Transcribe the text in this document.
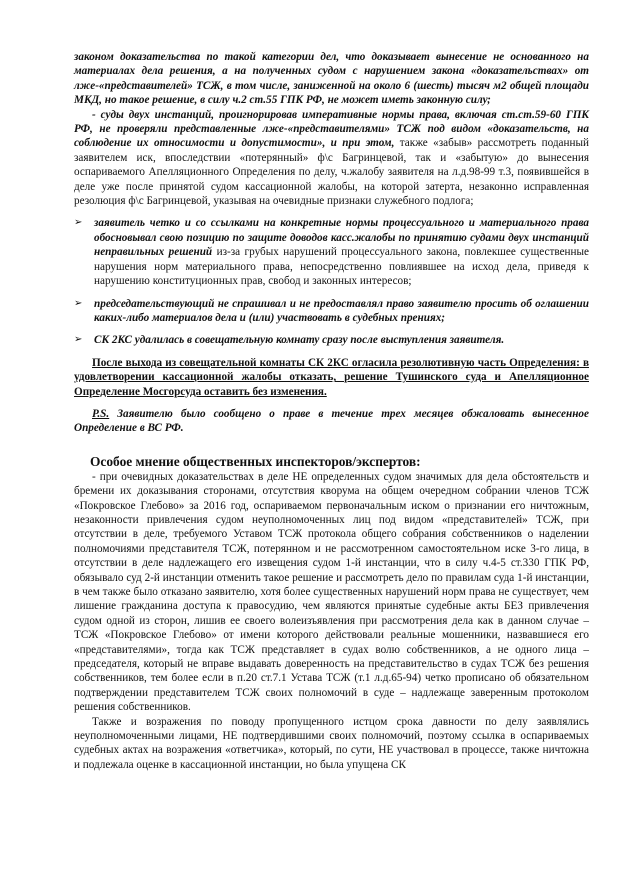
законом доказательства по такой категории дел, что доказывает вынесение не основанного на материалах дела решения, а на полученных судом с нарушением закона «доказательствах» от лже-«представителей» ТСЖ, в том числе, заниженной на около 6 (шесть) тысяч м2 общей площади МКД, но такое решение, в силу ч.2 ст.55 ГПК РФ, не может иметь законную силу;

- суды двух инстанций, проигнорировав императивные нормы права, включая ст.ст.59-60 ГПК РФ, не проверяли представленные лже-«представителями» ТСЖ под видом «доказательств, на соблюдение их относимости и допустимости», и при этом, также «забыв» рассмотреть поданный заявителем иск, впоследствии «потерянный» ф\с Багринцевой, так и «забытую» до вынесения оспариваемого Апелляционного Определения по делу, ч.жалобу заявителя на л.д.98-99 т.3, появившейся в деле уже после принятой судом кассационной жалобы, на которой затерта, незаконно исправленная резолюция ф\с Багринцевой, указывая на очевидные признаки служебного подлога;

➢	заявитель четко и со ссылками на конкретные нормы процессуального и материального права обосновывал свою позицию по защите доводов касс.жалобы по принятию судами двух инстанций неправильных решений из-за грубых нарушений процессуального закона, повлекшее существенные нарушения норм материального права, непосредственно повлиявшее на исход дела, приведя к нарушению конституционных прав, свобод и законных интересов;
➢	председательствующий не спрашивал и не предоставлял право заявителю просить об оглашении каких-либо материалов дела и (или) участвовать в судебных прениях;
➢	СК 2КС удалилась в совещательную комнату сразу после выступления заявителя.

После выхода из совещательной комнаты СК 2КС огласила резолютивную часть Определения: в удовлетворении кассационной жалобы отказать, решение Тушинского суда и Апелляционное Определение Мосгорсуда оставить без изменения.

P.S. Заявителю было сообщено о праве в течение трех месяцев обжаловать вынесенное Определение в ВС РФ.

Особое мнение общественных инспекторов/экспертов:

- при очевидных доказательствах в деле НЕ определенных судом значимых для дела обстоятельств и бремени их доказывания сторонами, отсутствия кворума на общем очередном собрании членов ТСЖ «Покровское Глебово» за 2016 год, оспариваемом первоначальным иском о признании его ничтожным, незаконности привлечения судом неуполномоченных лиц под видом «представителей» ТСЖ, при отсутствии в деле, требуемого Уставом ТСЖ протокола общего собрания собственников о наделении полномочиями представителя ТСЖ, потерянном и не рассмотренном самостоятельном иске 3-го лица, в отсутствии в деле надлежащего его извещения судом 1-й инстанции, что в силу ч.4-5 ст.330 ГПК РФ, обязывало суд 2-й инстанции отменить такое решение и рассмотреть дело по правилам суда 1-й инстанции, в чем также было отказано заявителю, хотя более существенных нарушений норм права не существует, чем лишение гражданина доступа к правосудию, чем являются принятые судебные акты БЕЗ привлечения судом одной из сторон, лишив ее своего волеизъявления при рассмотрения дела как в данном случае – ТСЖ «Покровское Глебово» от имени которого действовали реальные мошенники, назвавшиеся его «представителями», тогда как ТСЖ представляет в судах волю собственников, а не одного лица – председателя, который не вправе выдавать доверенность на представительство в судах ТСЖ без решения собственников, тем более если в п.20 ст.7.1 Устава ТСЖ (т.1 л.д.65-94) четко прописано об обязательном подтверждении представителем ТСЖ своих полномочий в суде – надлежаще заверенным протоколом решения собственников.

Также и возражения по поводу пропущенного истцом срока давности по делу заявлялись неуполномоченными лицами, НЕ подтвердившими своих полномочий, поэтому ссылка в оспариваемых судебных актах на возражения «ответчика», который, по сути, НЕ участвовал в процессе, также ничтожна и подлежала оценке в кассационной инстанции, но была упущена СК
